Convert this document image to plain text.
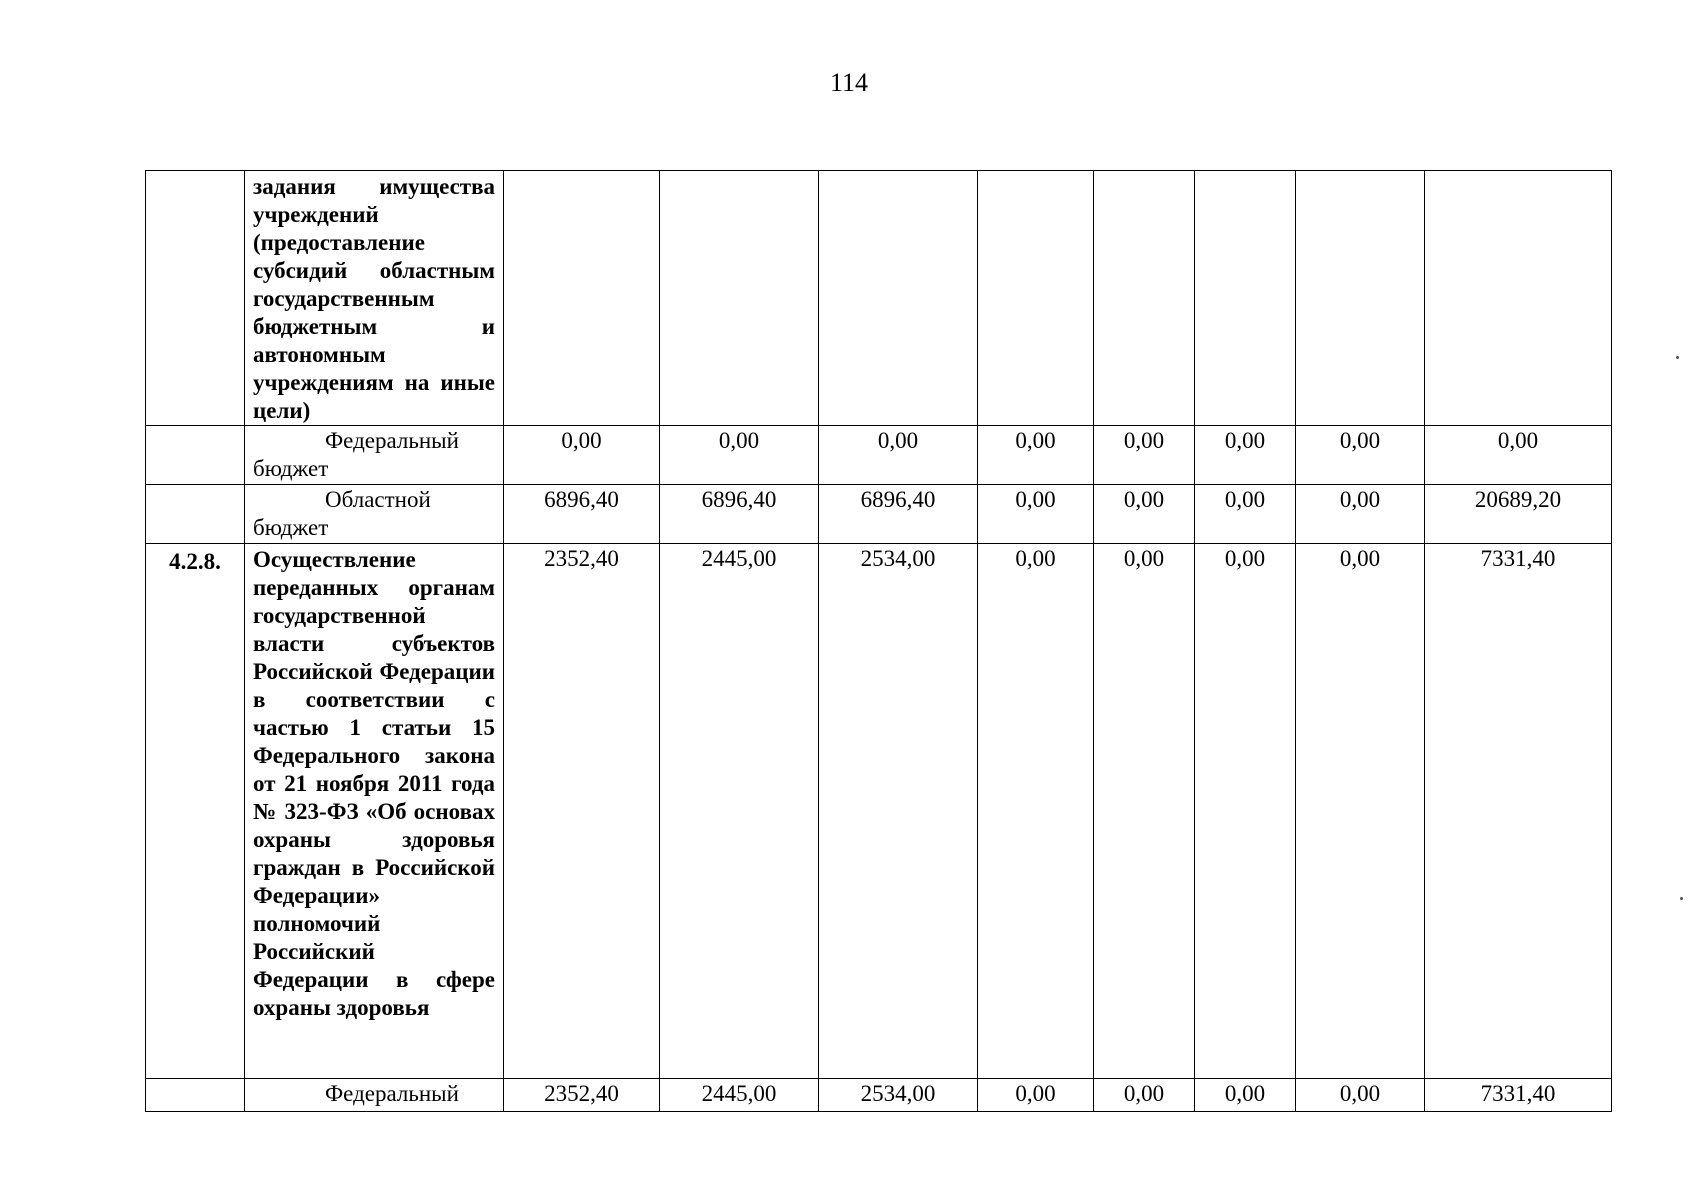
114
	задания имущества учреждений (предоставление субсидий областным государственным бюджетным и автономным учреждениям на иные цели)								

	Федеральный
бюджет	0,00	0,00	0,00	0,00	0,00	0,00	0,00	0,00

	Областной
бюджет	6896,40	6896,40	6896,40	0,00	0,00	0,00	0,00	20689,20
4.2.8.	Осуществление переданных органам государственной власти субъектов Российской Федерации в соответствии с частью 1 статьи 15 Федерального закона от 21 ноября 2011 года № 323-ФЗ «Об основах охраны здоровья граждан в Российской Федерации» полномочий Российский Федерации в сфере охраны здоровья	2352,40	2445,00	2534,00	0,00	0,00	0,00	0,00	7331,40

	Федеральный	2352,40	2445,00	2534,00	0,00	0,00	0,00	0,00	7331,40
